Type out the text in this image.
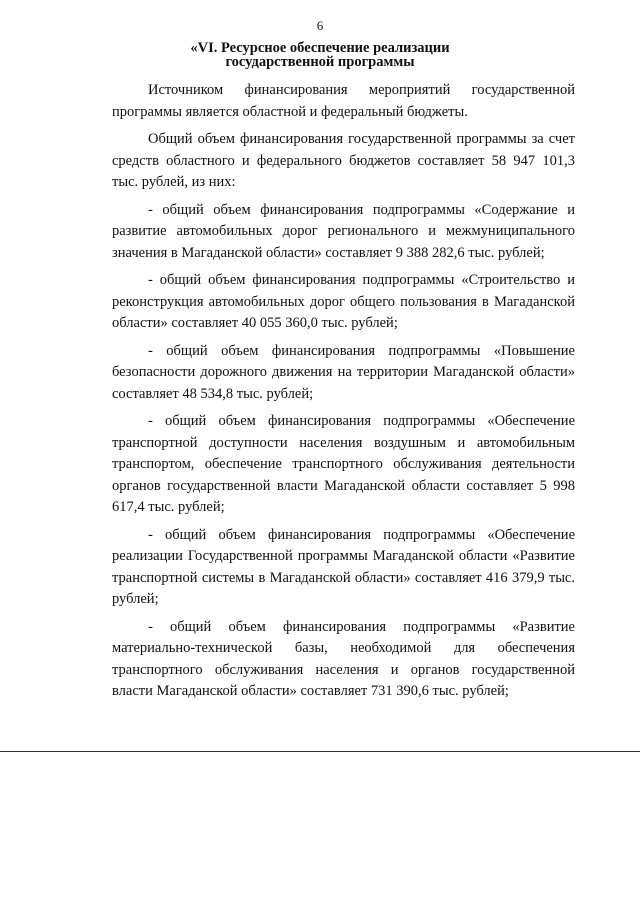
6
«VI. Ресурсное обеспечение реализации
государственной программы

Источником финансирования мероприятий государственной программы является областной и федеральный бюджеты.

Общий объем финансирования государственной программы за счет средств областного и федерального бюджетов составляет 58 947 101,3 тыс. рублей, из них:

- общий объем финансирования подпрограммы «Содержание и развитие автомобильных дорог регионального и межмуниципального значения в Магаданской области» составляет 9 388 282,6 тыс. рублей;

- общий объем финансирования подпрограммы «Строительство и реконструкция автомобильных дорог общего пользования в Магаданской области» составляет 40 055 360,0 тыс. рублей;

- общий объем финансирования подпрограммы «Повышение безопасности дорожного движения на территории Магаданской области» составляет 48 534,8 тыс. рублей;

- общий объем финансирования подпрограммы «Обеспечение транспортной доступности населения воздушным и автомобильным транспортом, обеспечение транспортного обслуживания деятельности органов государственной власти Магаданской области составляет 5 998 617,4 тыс. рублей;

- общий объем финансирования подпрограммы «Обеспечение реализации Государственной программы Магаданской области «Развитие транспортной системы в Магаданской области» составляет 416 379,9 тыс. рублей;

- общий объем финансирования подпрограммы «Развитие материально-технической базы, необходимой для обеспечения транспортного обслуживания населения и органов государственной власти Магаданской области» составляет 731 390,6 тыс. рублей;
